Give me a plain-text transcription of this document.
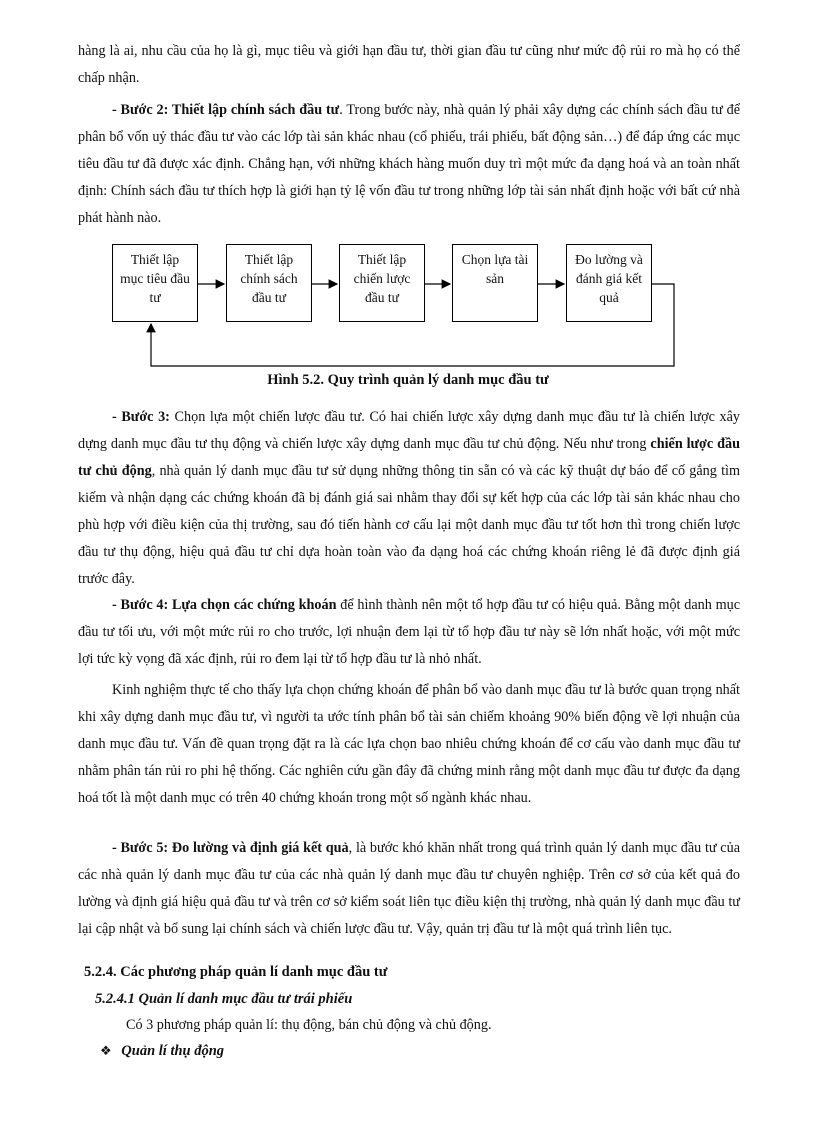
hàng là ai, nhu cầu của họ là gì, mục tiêu và giới hạn đầu tư, thời gian đầu tư cũng như mức độ rủi ro mà họ có thể chấp nhận.

- Bước 2: Thiết lập chính sách đầu tư. Trong bước này, nhà quản lý phải xây dựng các chính sách đầu tư để phân bổ vốn uỷ thác đầu tư vào các lớp tài sản khác nhau (cổ phiếu, trái phiếu, bất động sản…) để đáp ứng các mục tiêu đầu tư đã được xác định. Chẳng hạn, với những khách hàng muốn duy trì một mức đa dạng hoá và an toàn nhất định: Chính sách đầu tư thích hợp là giới hạn tỷ lệ vốn đầu tư trong những lớp tài sản nhất định hoặc với bất cứ nhà phát hành nào.

Thiết lập
mục tiêu đầu
tư
Thiết lập
chính sách
đầu tư
Thiết lập
chiến lược
đầu tư
Chọn lựa tài
sản
Đo lường và
đánh giá kết
quả
Hình 5.2. Quy trình quản lý danh mục đầu tư

- Bước 3: Chọn lựa một chiến lược đầu tư. Có hai chiến lược xây dựng danh mục đầu tư là chiến lược xây dựng danh mục đầu tư thụ động và chiến lược xây dựng danh mục đầu tư chủ động. Nếu như trong chiến lược đầu tư chủ động, nhà quản lý danh mục đầu tư sử dụng những thông tin sẵn có và các kỹ thuật dự báo để cố gắng tìm kiếm và nhận dạng các chứng khoán đã bị đánh giá sai nhằm thay đổi sự kết hợp của các lớp tài sản khác nhau cho phù hợp với điều kiện của thị trường, sau đó tiến hành cơ cấu lại một danh mục đầu tư tốt hơn thì trong chiến lược đầu tư thụ động, hiệu quả đầu tư chỉ dựa hoàn toàn vào đa dạng hoá các chứng khoán riêng lẻ đã được định giá trước đây.

- Bước 4: Lựa chọn các chứng khoán để hình thành nên một tổ hợp đầu tư có hiệu quả. Bằng một danh mục đầu tư tối ưu, với một mức rủi ro cho trước, lợi nhuận đem lại từ tổ hợp đầu tư này sẽ lớn nhất hoặc, với một mức lợi tức kỳ vọng đã xác định, rủi ro đem lại từ tổ hợp đầu tư là nhỏ nhất.

Kinh nghiệm thực tế cho thấy lựa chọn chứng khoán để phân bổ vào danh mục đầu tư là bước quan trọng nhất khi xây dựng danh mục đầu tư, vì người ta ước tính phân bổ tài sản chiếm khoảng 90% biến động về lợi nhuận của danh mục đầu tư. Vấn đề quan trọng đặt ra là các lựa chọn bao nhiêu chứng khoán để cơ cấu vào danh mục đầu tư nhằm phân tán rủi ro phi hệ thống. Các nghiên cứu gần đây đã chứng minh rằng một danh mục đầu tư được đa dạng hoá tốt là một danh mục có trên 40 chứng khoán trong một số ngành khác nhau.

- Bước 5: Đo lường và định giá kết quả, là bước khó khăn nhất trong quá trình quản lý danh mục đầu tư của các nhà quản lý danh mục đầu tư của các nhà quản lý danh mục đầu tư chuyên nghiệp. Trên cơ sở của kết quả đo lường và định giá hiệu quả đầu tư và trên cơ sở kiểm soát liên tục điều kiện thị trường, nhà quản lý danh mục đầu tư lại cập nhật và bổ sung lại chính sách và chiến lược đầu tư. Vậy, quản trị đầu tư là một quá trình liên tục.

5.2.4. Các phương pháp quản lí danh mục đầu tư
5.2.4.1 Quản lí danh mục đầu tư trái phiếu
Có 3 phương pháp quản lí: thụ động, bán chủ động và chủ động.
❖ Quản lí thụ động
